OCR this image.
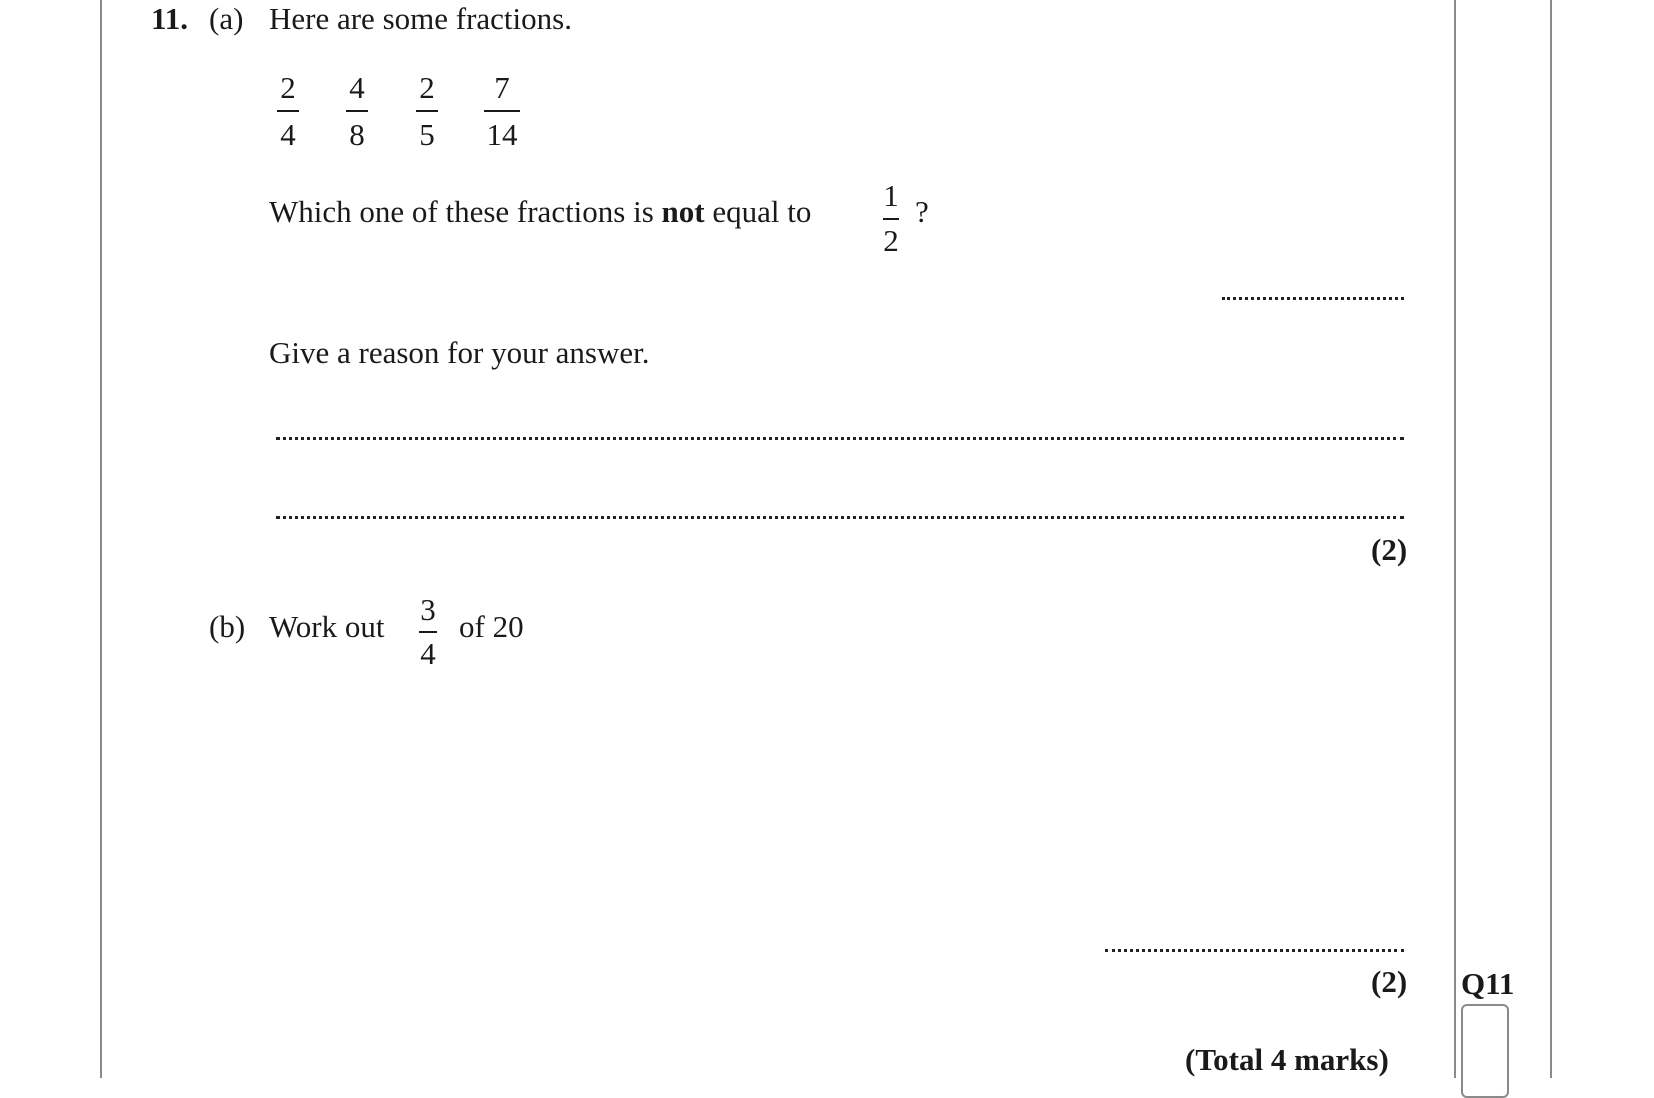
11. (a) Here are some fractions.
2
4
4
8
2
5
7
14
Which one of these fractions is not equal to 1
2
?
Give a reason for your answer.
(2)
(b) Work out 3
4
of 20
(2) Q11
(Total 4 marks)
